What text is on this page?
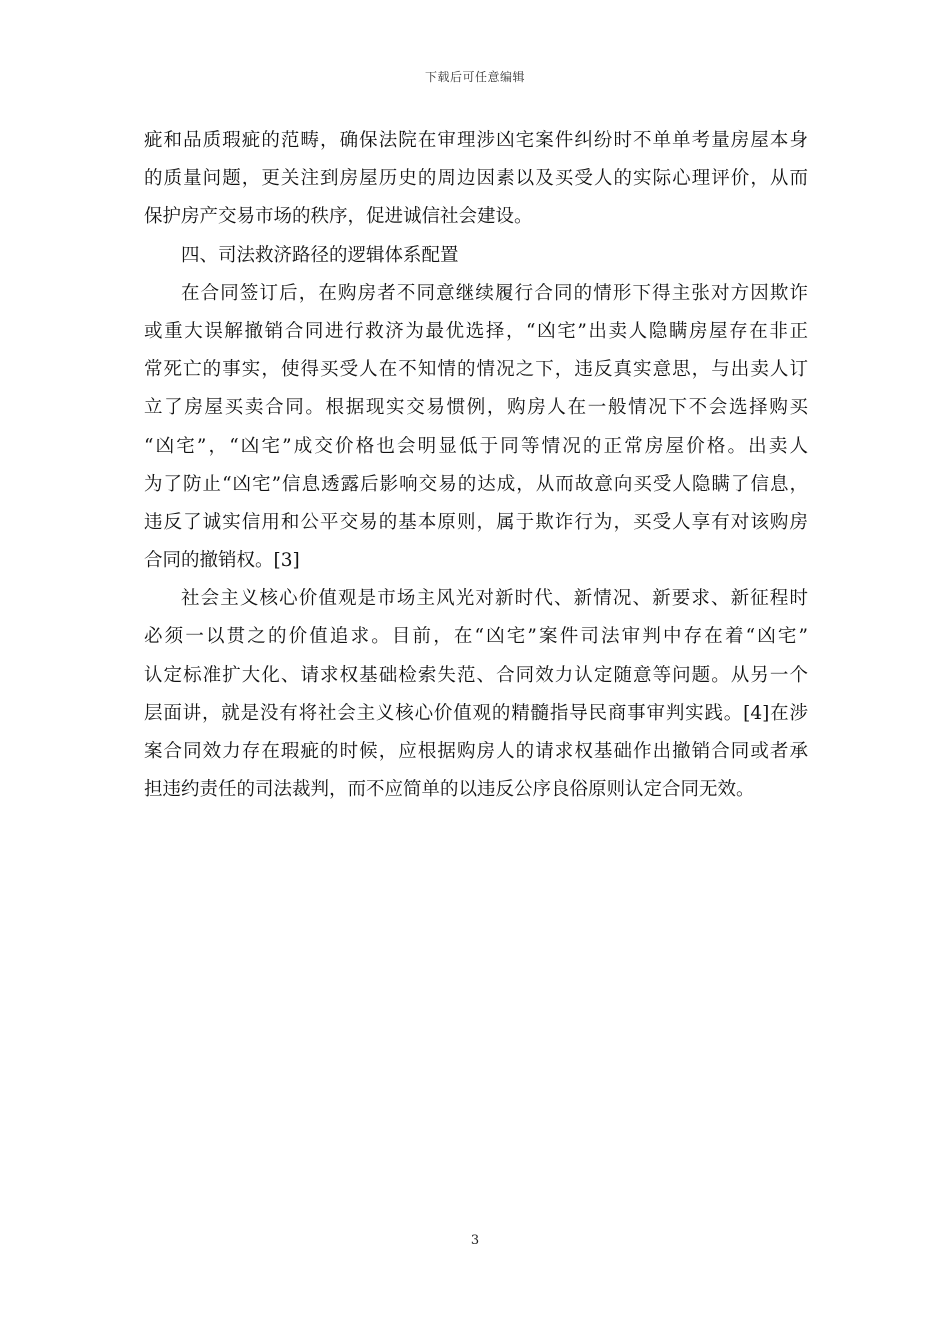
下载后可任意编辑
疵和品质瑕疵的范畴，确保法院在审理涉凶宅案件纠纷时不单单考量房屋本身
的质量问题，更关注到房屋历史的周边因素以及买受人的实际心理评价，从而
保护房产交易市场的秩序，促进诚信社会建设。
四、司法救济路径的逻辑体系配置
在合同签订后，在购房者不同意继续履行合同的情形下得主张对方因欺诈
或重大误解撤销合同进行救济为最优选择，“凶宅”出卖人隐瞒房屋存在非正
常死亡的事实，使得买受人在不知情的情况之下，违反真实意思，与出卖人订
立了房屋买卖合同。根据现实交易惯例，购房人在一般情况下不会选择购买
“凶宅”，“凶宅”成交价格也会明显低于同等情况的正常房屋价格。出卖人
为了防止“凶宅”信息透露后影响交易的达成，从而故意向买受人隐瞒了信息，
违反了诚实信用和公平交易的基本原则，属于欺诈行为，买受人享有对该购房
合同的撤销权。[3]
社会主义核心价值观是市场主风光对新时代、新情况、新要求、新征程时
必须一以贯之的价值追求。目前，在“凶宅”案件司法审判中存在着“凶宅”
认定标准扩大化、请求权基础检索失范、合同效力认定随意等问题。从另一个
层面讲，就是没有将社会主义核心价值观的精髓指导民商事审判实践。[4]在涉
案合同效力存在瑕疵的时候，应根据购房人的请求权基础作出撤销合同或者承
担违约责任的司法裁判，而不应简单的以违反公序良俗原则认定合同无效。
3
